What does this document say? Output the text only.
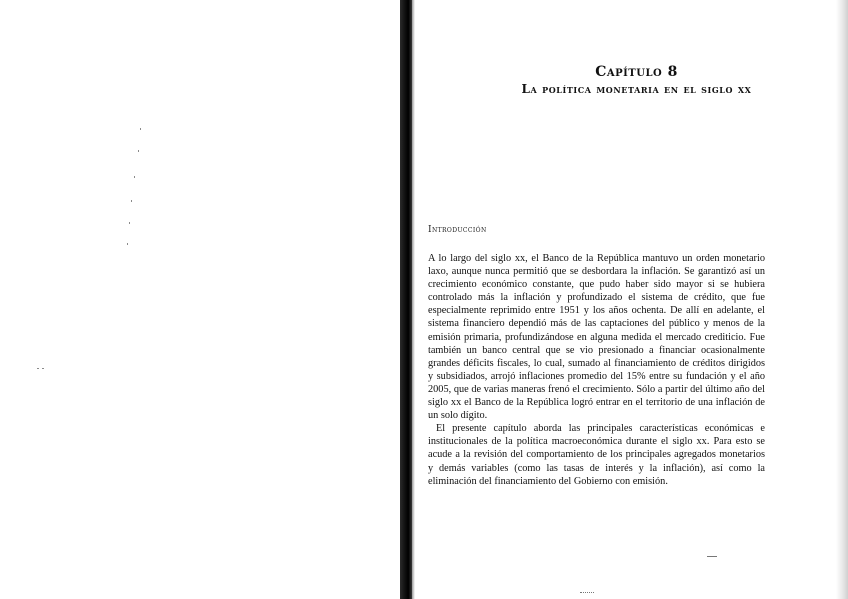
Capítulo 8
La política monetaria en el siglo xx
Introducción

A lo largo del siglo xx, el Banco de la República mantuvo un orden monetario laxo, aunque nunca permitió que se desbordara la inflación. Se garantizó así un crecimiento económico constante, que pudo haber sido mayor si se hubiera controlado más la inflación y profundizado el sistema de crédito, que fue especialmente reprimido entre 1951 y los años ochenta. De allí en adelante, el sistema financiero dependió más de las captaciones del público y menos de la emisión primaria, profundizándose en alguna medida el mercado crediticio. Fue también un banco central que se vio presionado a financiar ocasionalmente grandes déficits fiscales, lo cual, sumado al financiamiento de créditos dirigidos y subsidiados, arrojó inflaciones promedio del 15% entre su fundación y el año 2005, que de varias maneras frenó el crecimiento. Sólo a partir del último año del siglo xx el Banco de la República logró entrar en el territorio de una inflación de un solo dígito.

El presente capítulo aborda las principales características económicas e institucionales de la política macroeconómica durante el siglo xx. Para esto se acude a la revisión del comportamiento de los principales agregados monetarios y demás variables (como las tasas de interés y la inflación), así como la eliminación del financiamiento del Gobierno con emisión.
